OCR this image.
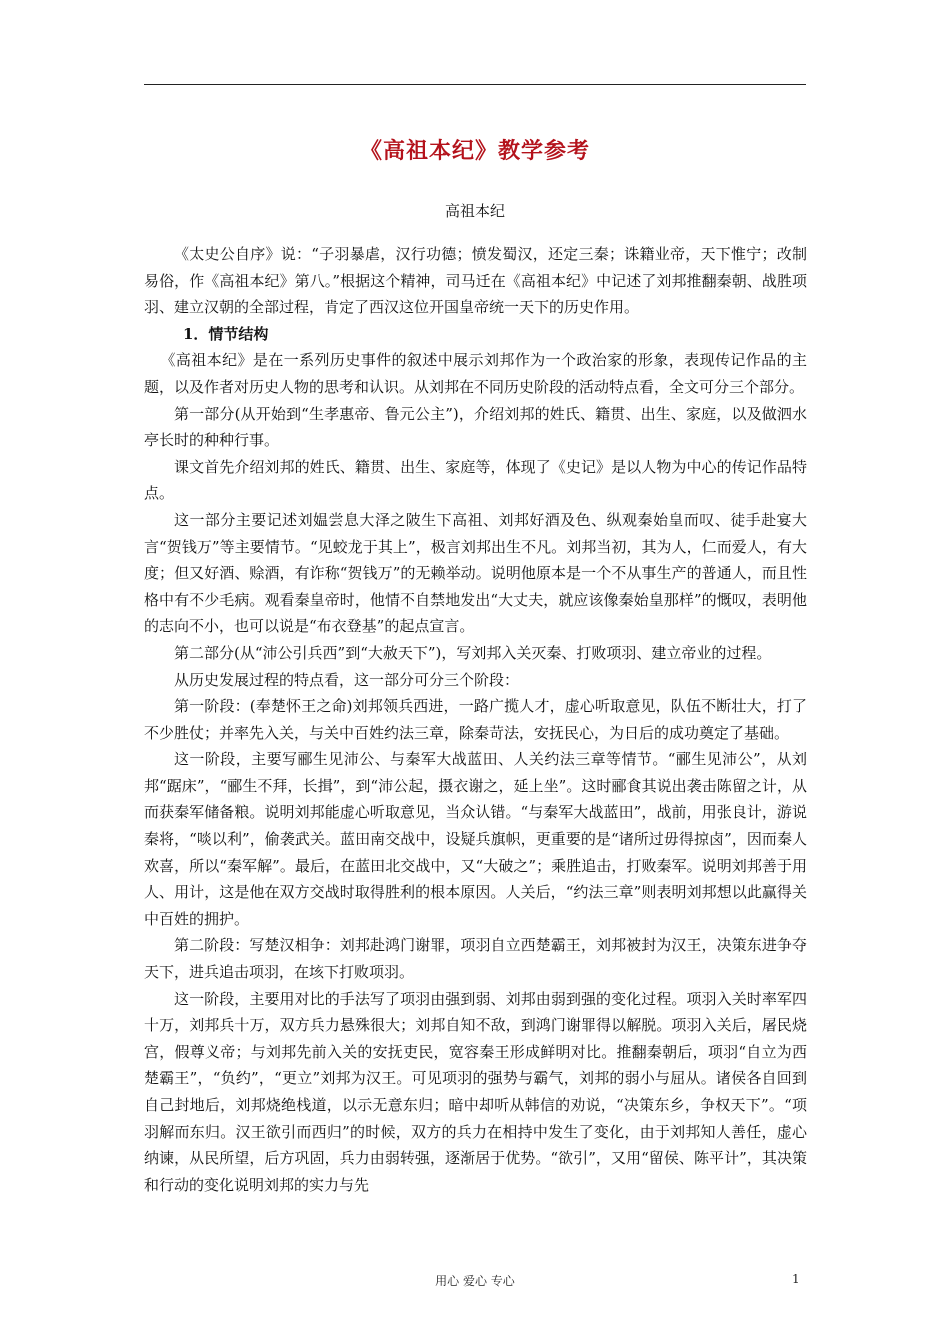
《高祖本纪》教学参考
高祖本纪

《太史公自序》说：“子羽暴虐，汉行功德；愤发蜀汉，还定三秦；诛籍业帝，天下惟宁；改制易俗，作《高祖本纪》第八。”根据这个精神，司马迁在《高祖本纪》中记述了刘邦推翻秦朝、战胜项羽、建立汉朝的全部过程，肯定了西汉这位开国皇帝统一天下的历史作用。

1．情节结构

《高祖本纪》是在一系列历史事件的叙述中展示刘邦作为一个政治家的形象，表现传记作品的主题，以及作者对历史人物的思考和认识。从刘邦在不同历史阶段的活动特点看，全文可分三个部分。

第一部分(从开始到“生孝惠帝、鲁元公主”)，介绍刘邦的姓氏、籍贯、出生、家庭，以及做泗水亭长时的种种行事。

课文首先介绍刘邦的姓氏、籍贯、出生、家庭等，体现了《史记》是以人物为中心的传记作品特点。

这一部分主要记述刘媪尝息大泽之陂生下高祖、刘邦好酒及色、纵观秦始皇而叹、徒手赴宴大言“贺钱万”等主要情节。“见蛟龙于其上”，极言刘邦出生不凡。刘邦当初，其为人，仁而爱人，有大度；但又好酒、赊酒，有诈称“贺钱万”的无赖举动。说明他原本是一个不从事生产的普通人，而且性格中有不少毛病。观看秦皇帝时，他情不自禁地发出“大丈夫，就应该像秦始皇那样”的慨叹，表明他的志向不小，也可以说是“布衣登基”的起点宣言。

第二部分(从“沛公引兵西”到“大赦天下”)，写刘邦入关灭秦、打败项羽、建立帝业的过程。

从历史发展过程的特点看，这一部分可分三个阶段：

第一阶段：(奉楚怀王之命)刘邦领兵西进，一路广揽人才，虚心听取意见，队伍不断壮大，打了不少胜仗；并率先入关，与关中百姓约法三章，除秦苛法，安抚民心，为日后的成功奠定了基础。

这一阶段，主要写郦生见沛公、与秦军大战蓝田、人关约法三章等情节。“郦生见沛公”，从刘邦“踞床”，“郦生不拜，长揖”，到“沛公起，摄衣谢之，延上坐”。这时郦食其说出袭击陈留之计，从而获秦军储备粮。说明刘邦能虚心听取意见，当众认错。“与秦军大战蓝田”，战前，用张良计，游说秦将，“啖以利”，偷袭武关。蓝田南交战中，设疑兵旗帜，更重要的是“诸所过毋得掠卤”，因而秦人欢喜，所以“秦军解”。最后，在蓝田北交战中，又“大破之”；乘胜追击，打败秦军。说明刘邦善于用人、用计，这是他在双方交战时取得胜利的根本原因。人关后，“约法三章”则表明刘邦想以此赢得关中百姓的拥护。

第二阶段：写楚汉相争：刘邦赴鸿门谢罪，项羽自立西楚霸王，刘邦被封为汉王，决策东进争夺天下，进兵追击项羽，在垓下打败项羽。

这一阶段，主要用对比的手法写了项羽由强到弱、刘邦由弱到强的变化过程。项羽入关时率军四十万，刘邦兵十万，双方兵力悬殊很大；刘邦自知不敌，到鸿门谢罪得以解脱。项羽入关后，屠民烧宫，假尊义帝；与刘邦先前入关的安抚吏民，宽容秦王形成鲜明对比。推翻秦朝后，项羽“自立为西楚霸王”，“负约”，“更立”刘邦为汉王。可见项羽的强势与霸气，刘邦的弱小与屈从。诸侯各自回到自己封地后，刘邦烧绝栈道，以示无意东归；暗中却听从韩信的劝说，“决策东乡，争权天下”。“项羽解而东归。汉王欲引而西归”的时候，双方的兵力在相持中发生了变化，由于刘邦知人善任，虚心纳谏，从民所望，后方巩固，兵力由弱转强，逐渐居于优势。“欲引”，又用“留侯、陈平计”，其决策和行动的变化说明刘邦的实力与先

用心 爱心 专心	1
